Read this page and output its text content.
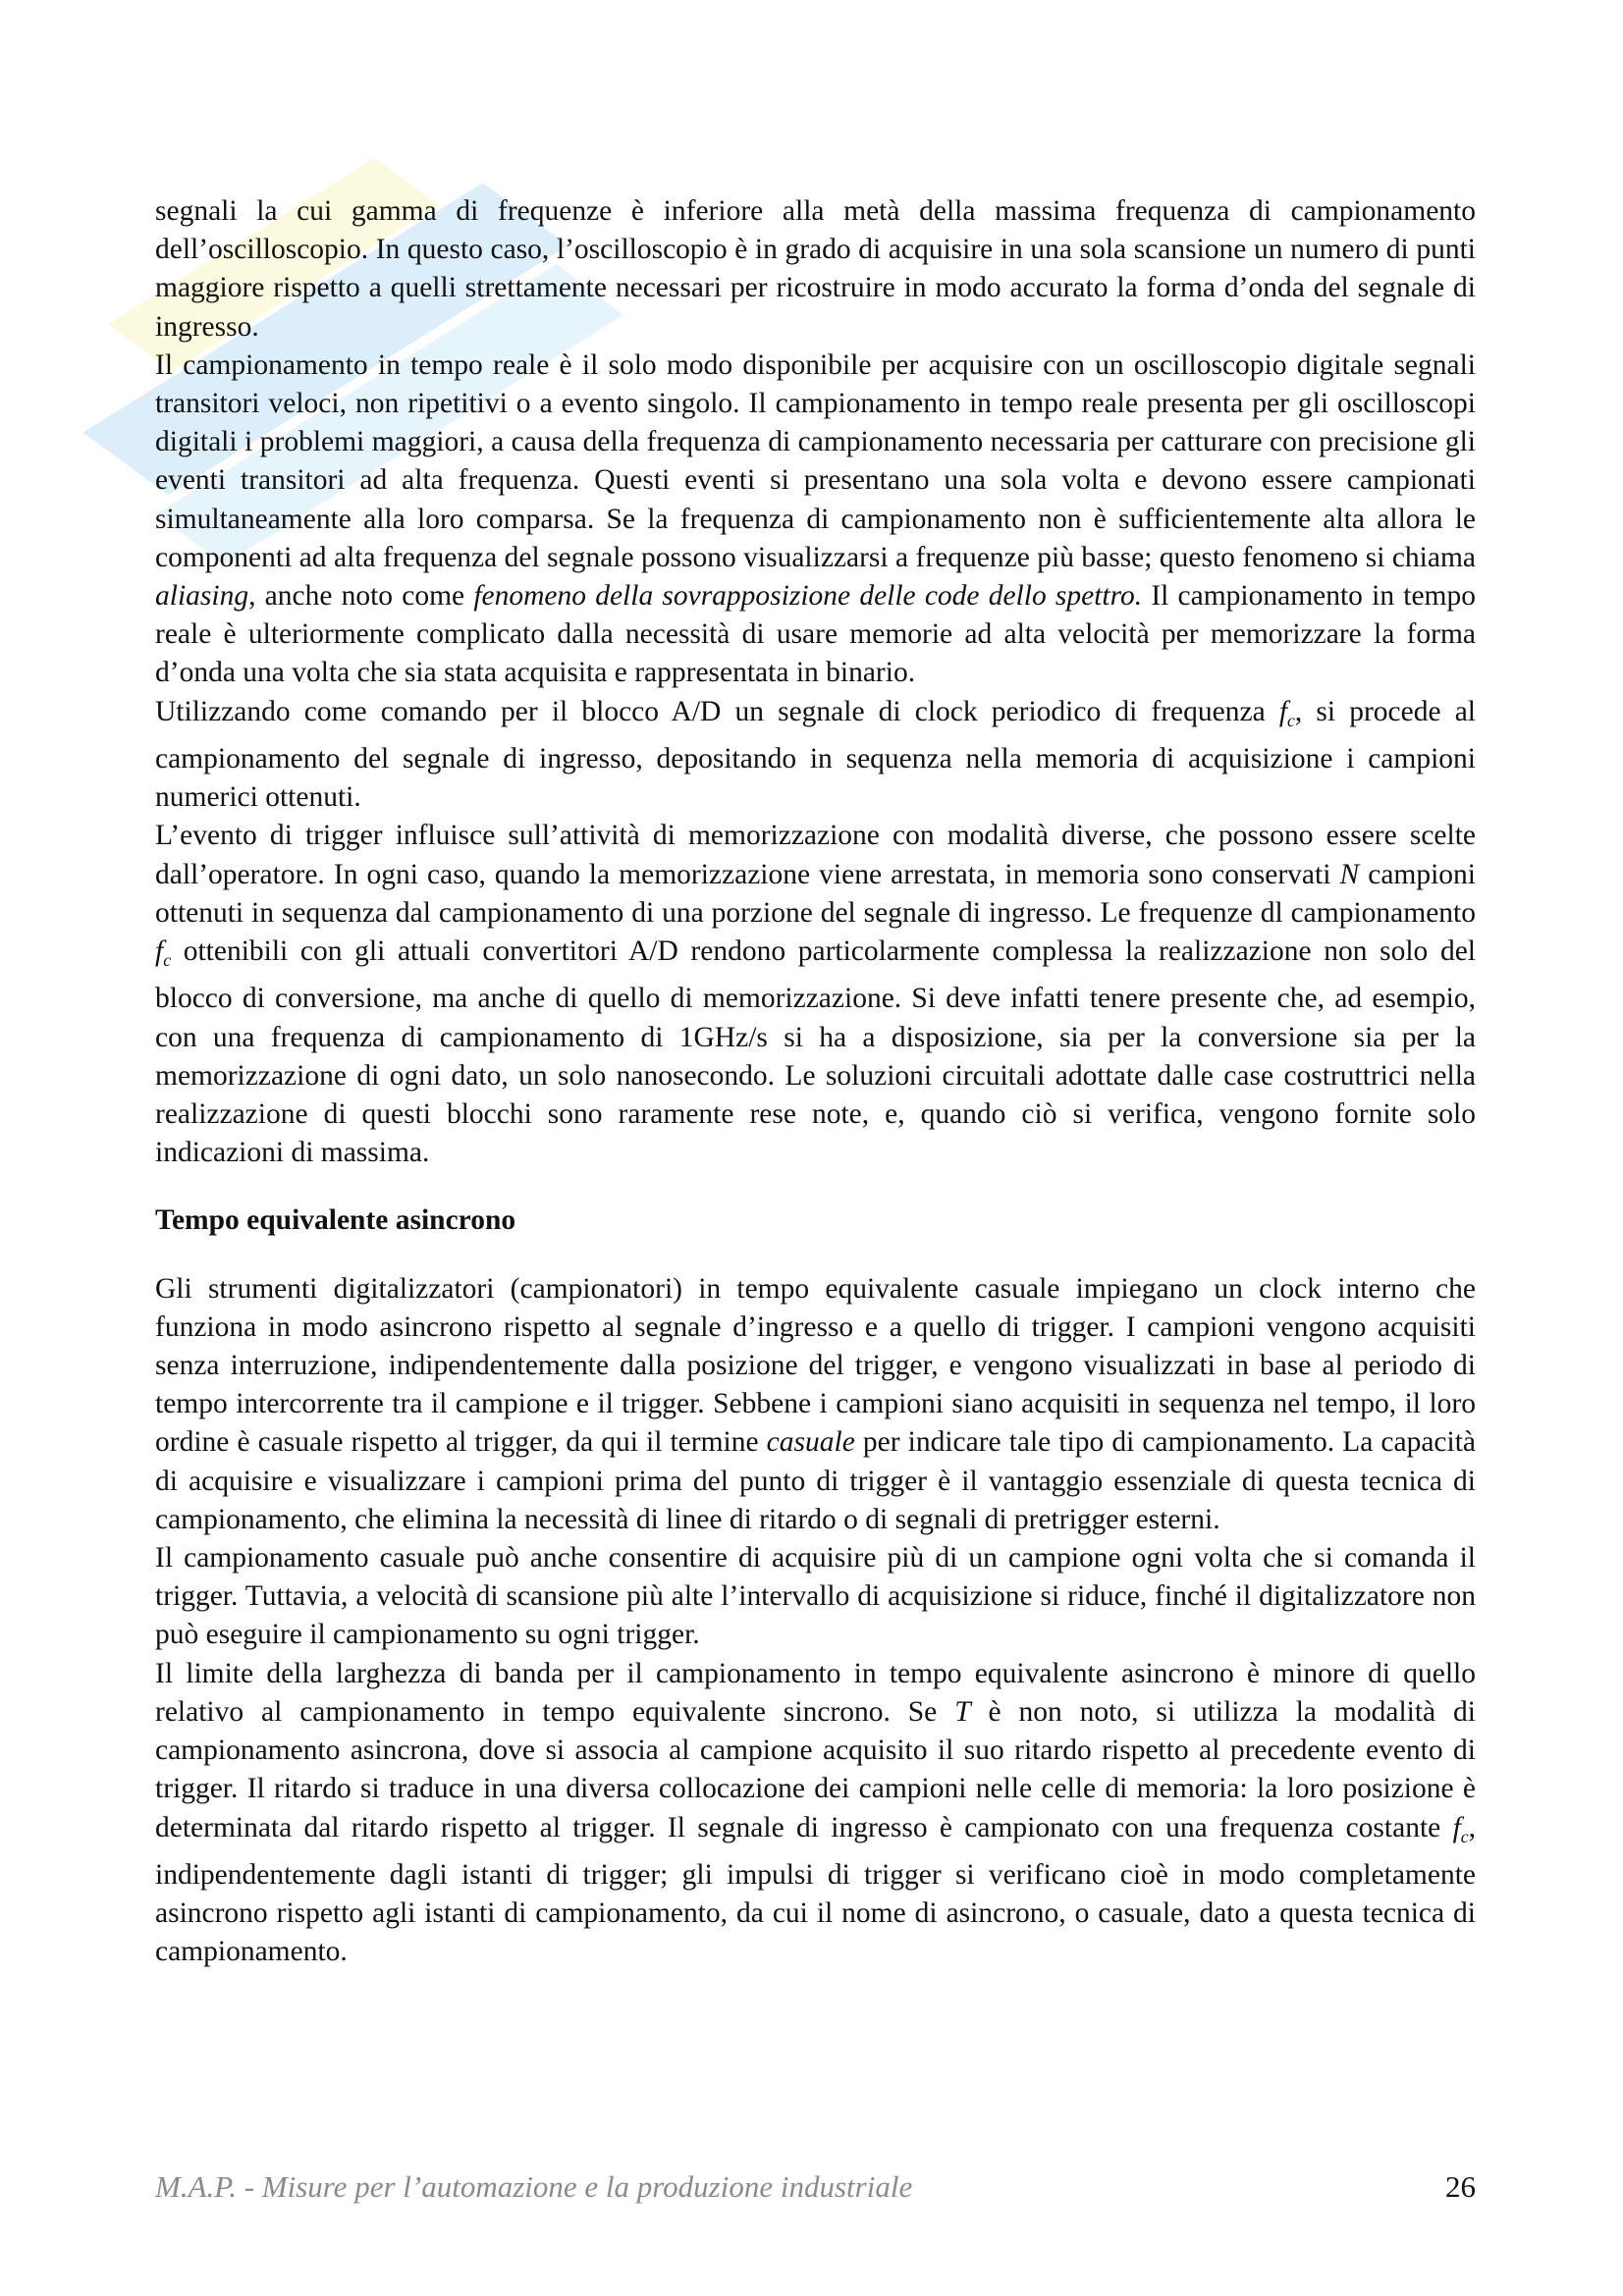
segnali la cui gamma di frequenze è inferiore alla metà della massima frequenza di campionamento dell’oscilloscopio. In questo caso, l’oscilloscopio è in grado di acquisire in una sola scansione un numero di punti maggiore rispetto a quelli strettamente necessari per ricostruire in modo accurato la forma d’onda del segnale di ingresso.

Il campionamento in tempo reale è il solo modo disponibile per acquisire con un oscilloscopio digitale segnali transitori veloci, non ripetitivi o a evento singolo. Il campionamento in tempo reale presenta per gli oscilloscopi digitali i problemi maggiori, a causa della frequenza di campionamento necessaria per catturare con precisione gli eventi transitori ad alta frequenza. Questi eventi si presentano una sola volta e devono essere campionati simultaneamente alla loro comparsa. Se la frequenza di campionamento non è sufficientemente alta allora le componenti ad alta frequenza del segnale possono visualizzarsi a frequenze più basse; questo fenomeno si chiama aliasing, anche noto come fenomeno della sovrapposizione delle code dello spettro. Il campionamento in tempo reale è ulteriormente complicato dalla necessità di usare memorie ad alta velocità per memorizzare la forma d’onda una volta che sia stata acquisita e rappresentata in binario.

Utilizzando come comando per il blocco A/D un segnale di clock periodico di frequenza $f_c$, si procede al campionamento del segnale di ingresso, depositando in sequenza nella memoria di acquisizione i campioni numerici ottenuti.

L’evento di trigger influisce sull’attività di memorizzazione con modalità diverse, che possono essere scelte dall’operatore. In ogni caso, quando la memorizzazione viene arrestata, in memoria sono conservati N campioni ottenuti in sequenza dal campionamento di una porzione del segnale di ingresso. Le frequenze dl campionamento $f_c$ ottenibili con gli attuali convertitori A/D rendono particolarmente complessa la realizzazione non solo del blocco di conversione, ma anche di quello di memorizzazione. Si deve infatti tenere presente che, ad esempio, con una frequenza di campionamento di 1GHz/s si ha a disposizione, sia per la conversione sia per la memorizzazione di ogni dato, un solo nanosecondo. Le soluzioni circuitali adottate dalle case costruttrici nella realizzazione di questi blocchi sono raramente rese note, e, quando ciò si verifica, vengono fornite solo indicazioni di massima.

Tempo equivalente asincrono

Gli strumenti digitalizzatori (campionatori) in tempo equivalente casuale impiegano un clock interno che funziona in modo asincrono rispetto al segnale d’ingresso e a quello di trigger. I campioni vengono acquisiti senza interruzione, indipendentemente dalla posizione del trigger, e vengono visualizzati in base al periodo di tempo intercorrente tra il campione e il trigger. Sebbene i campioni siano acquisiti in sequenza nel tempo, il loro ordine è casuale rispetto al trigger, da qui il termine casuale per indicare tale tipo di campionamento. La capacità di acquisire e visualizzare i campioni prima del punto di trigger è il vantaggio essenziale di questa tecnica di campionamento, che elimina la necessità di linee di ritardo o di segnali di pretrigger esterni.

Il campionamento casuale può anche consentire di acquisire più di un campione ogni volta che si comanda il trigger. Tuttavia, a velocità di scansione più alte l’intervallo di acquisizione si riduce, finché il digitalizzatore non può eseguire il campionamento su ogni trigger.

Il limite della larghezza di banda per il campionamento in tempo equivalente asincrono è minore di quello relativo al campionamento in tempo equivalente sincrono. Se T è non noto, si utilizza la modalità di campionamento asincrona, dove si associa al campione acquisito il suo ritardo rispetto al precedente evento di trigger. Il ritardo si traduce in una diversa collocazione dei campioni nelle celle di memoria: la loro posizione è determinata dal ritardo rispetto al trigger. Il segnale di ingresso è campionato con una frequenza costante $f_c$, indipendentemente dagli istanti di trigger; gli impulsi di trigger si verificano cioè in modo completamente asincrono rispetto agli istanti di campionamento, da cui il nome di asincrono, o casuale, dato a questa tecnica di campionamento.

M.A.P. - Misure per l’automazione e la produzione industriale	26
